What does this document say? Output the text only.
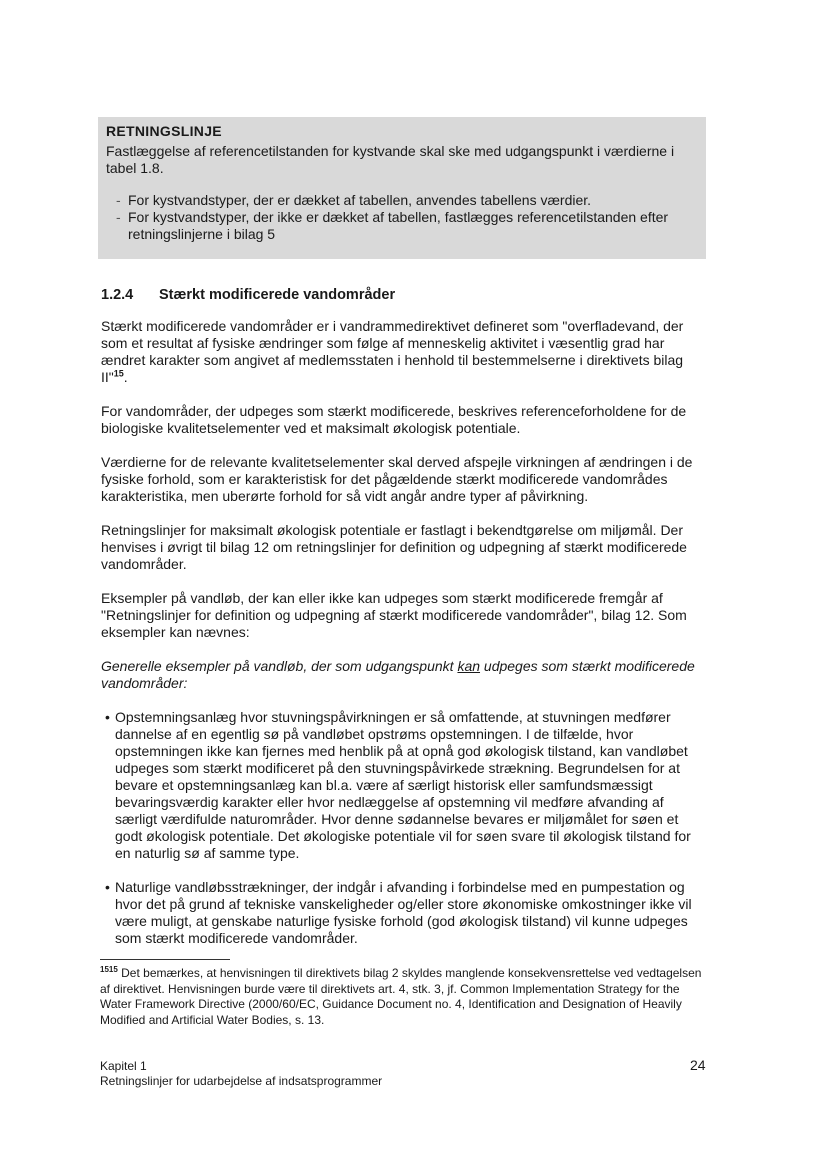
RETNINGSLINJE

Fastlæggelse af referencetilstanden for kystvande skal ske med udgangspunkt i værdierne i tabel 1.8.

- For kystvandstyper, der er dækket af tabellen, anvendes tabellens værdier.
- For kystvandstyper, der ikke er dækket af tabellen, fastlægges referencetilstanden efter retningslinjerne i bilag 5
1.2.4 Stærkt modificerede vandområder

Stærkt modificerede vandområder er i vandrammedirektivet defineret som "overfladevand, der som et resultat af fysiske ændringer som følge af menneskelig aktivitet i væsentlig grad har ændret karakter som angivet af medlemsstaten i henhold til bestemmelserne i direktivets bilag II"$^{15}$.

For vandområder, der udpeges som stærkt modificerede, beskrives referenceforholdene for de biologiske kvalitetselementer ved et maksimalt økologisk potentiale.

Værdierne for de relevante kvalitetselementer skal derved afspejle virkningen af ændringen i de fysiske forhold, som er karakteristisk for det pågældende stærkt modificerede vandområdes karakteristika, men uberørte forhold for så vidt angår andre typer af påvirkning.

Retningslinjer for maksimalt økologisk potentiale er fastlagt i bekendtgørelse om miljømål. Der henvises i øvrigt til bilag 12 om retningslinjer for definition og udpegning af stærkt modificerede vandområder.

Eksempler på vandløb, der kan eller ikke kan udpeges som stærkt modificerede fremgår af "Retningslinjer for definition og udpegning af stærkt modificerede vandområder", bilag 12. Som eksempler kan nævnes:

Generelle eksempler på vandløb, der som udgangspunkt kan udpeges som stærkt modificerede vandområder:

• Opstemningsanlæg hvor stuvningspåvirkningen er så omfattende, at stuvningen medfører dannelse af en egentlig sø på vandløbet opstrøms opstemningen. I de tilfælde, hvor opstemningen ikke kan fjernes med henblik på at opnå god økologisk tilstand, kan vandløbet udpeges som stærkt modificeret på den stuvningspåvirkede strækning. Begrundelsen for at bevare et opstemningsanlæg kan bl.a. være af særligt historisk eller samfundsmæssigt bevaringsværdig karakter eller hvor nedlæggelse af opstemning vil medføre afvanding af særligt værdifulde naturområder. Hvor denne sødannelse bevares er miljømålet for søen et godt økologisk potentiale. Det økologiske potentiale vil for søen svare til økologisk tilstand for en naturlig sø af samme type.
• Naturlige vandløbsstrækninger, der indgår i afvanding i forbindelse med en pumpestation og hvor det på grund af tekniske vanskeligheder og/eller store økonomiske omkostninger ikke vil være muligt, at genskabe naturlige fysiske forhold (god økologisk tilstand) vil kunne udpeges som stærkt modificerede vandområder.
$^{1515}$ Det bemærkes, at henvisningen til direktivets bilag 2 skyldes manglende konsekvensrettelse ved vedtagelsen af direktivet. Henvisningen burde være til direktivets art. 4, stk. 3, jf. Common Implementation Strategy for the Water Framework Directive (2000/60/EC, Guidance Document no. 4, Identification and Designation of Heavily Modified and Artificial Water Bodies, s. 13.
Kapitel 1
Retningslinjer for udarbejdelse af indsatsprogrammer
24
